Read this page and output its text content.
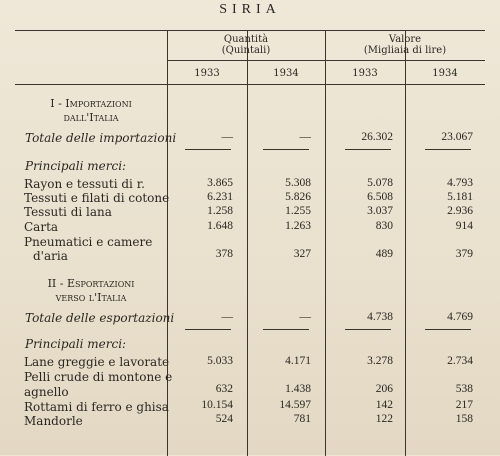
SIRIA
Quantità
(Quintali)
Valore
(Migliaia di lire)
1933	1934	1933	1934
I - Importazioni
dall'Italia
Totale delle importazioni	—	—	26.302	23.067
Principali merci:
Rayon e tessuti di r.	3.865	5.308	5.078	4.793
Tessuti e filati di cotone	6.231	5.826	6.508	5.181
Tessuti di lana	1.258	1.255	3.037	2.936
Carta	1.648	1.263	830	914
Pneumatici e camere
d'aria	378	327	489	379
II - Esportazioni
verso l'Italia
Totale delle esportazioni	—	—	4.738	4.769
Principali merci:
Lane greggie e lavorate	5.033	4.171	3.278	2.734
Pelli crude di montone e
agnello	632	1.438	206	538
Rottami di ferro e ghisa	10.154	14.597	142	217
Mandorle	524	781	122	158
